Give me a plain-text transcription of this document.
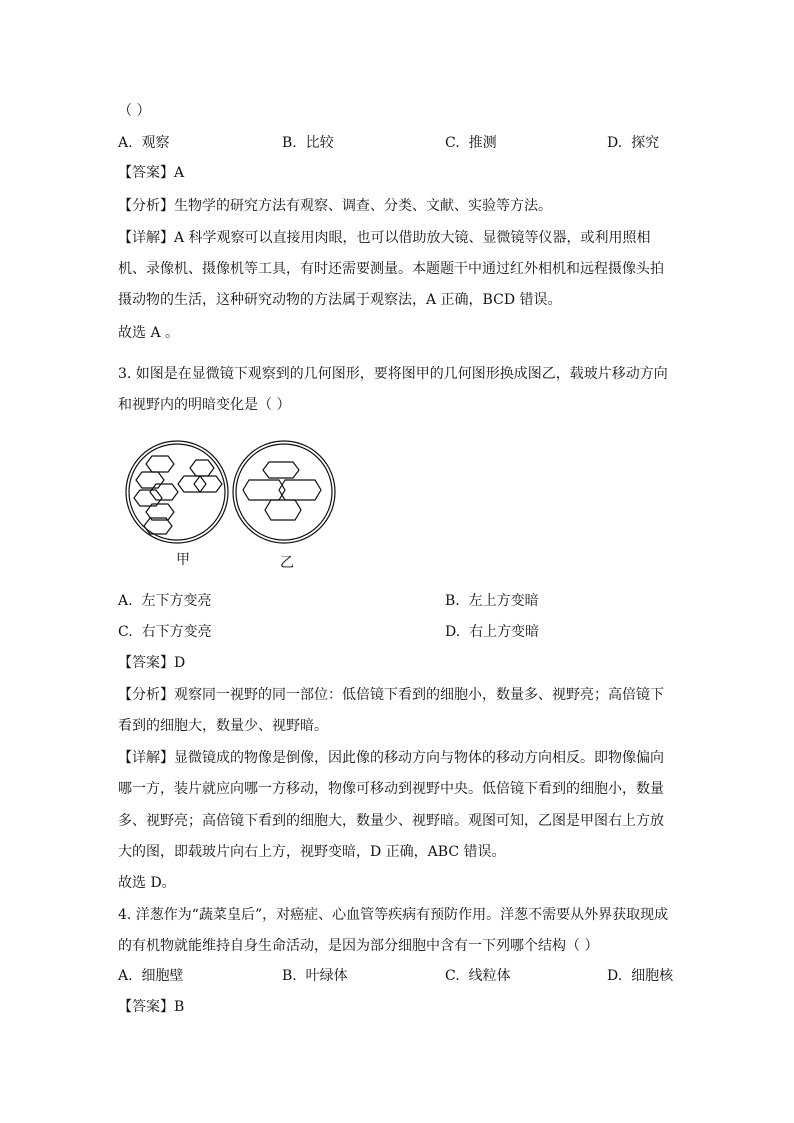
（ ）
A. 观察	B. 比较	C. 推测	D. 探究
【答案】A
【分析】生物学的研究方法有观察、调查、分类、文献、实验等方法。
【详解】A 科学观察可以直接用肉眼，也可以借助放大镜、显微镜等仪器，或利用照相
机、录像机、摄像机等工具，有时还需要测量。本题题干中通过红外相机和远程摄像头拍
摄动物的生活，这种研究动物的方法属于观察法，A 正确，BCD 错误。
故选 A 。
3. 如图是在显微镜下观察到的几何图形，要将图甲的几何图形换成图乙，载玻片移动方向
和视野内的明暗变化是（ ）
甲	乙
A. 左下方变亮	B. 左上方变暗
C. 右下方变亮	D. 右上方变暗
【答案】D
【分析】观察同一视野的同一部位：低倍镜下看到的细胞小，数量多、视野亮；高倍镜下
看到的细胞大，数量少、视野暗。
【详解】显微镜成的物像是倒像，因此像的移动方向与物体的移动方向相反。即物像偏向
哪一方，装片就应向哪一方移动，物像可移动到视野中央。低倍镜下看到的细胞小，数量
多、视野亮；高倍镜下看到的细胞大，数量少、视野暗。观图可知，乙图是甲图右上方放
大的图，即载玻片向右上方，视野变暗，D 正确，ABC 错误。
故选 D。
4. 洋葱作为“蔬菜皇后”，对癌症、心血管等疾病有预防作用。洋葱不需要从外界获取现成
的有机物就能维持自身生命活动，是因为部分细胞中含有一下列哪个结构（ ）
A. 细胞壁	B. 叶绿体	C. 线粒体	D. 细胞核
【答案】B
